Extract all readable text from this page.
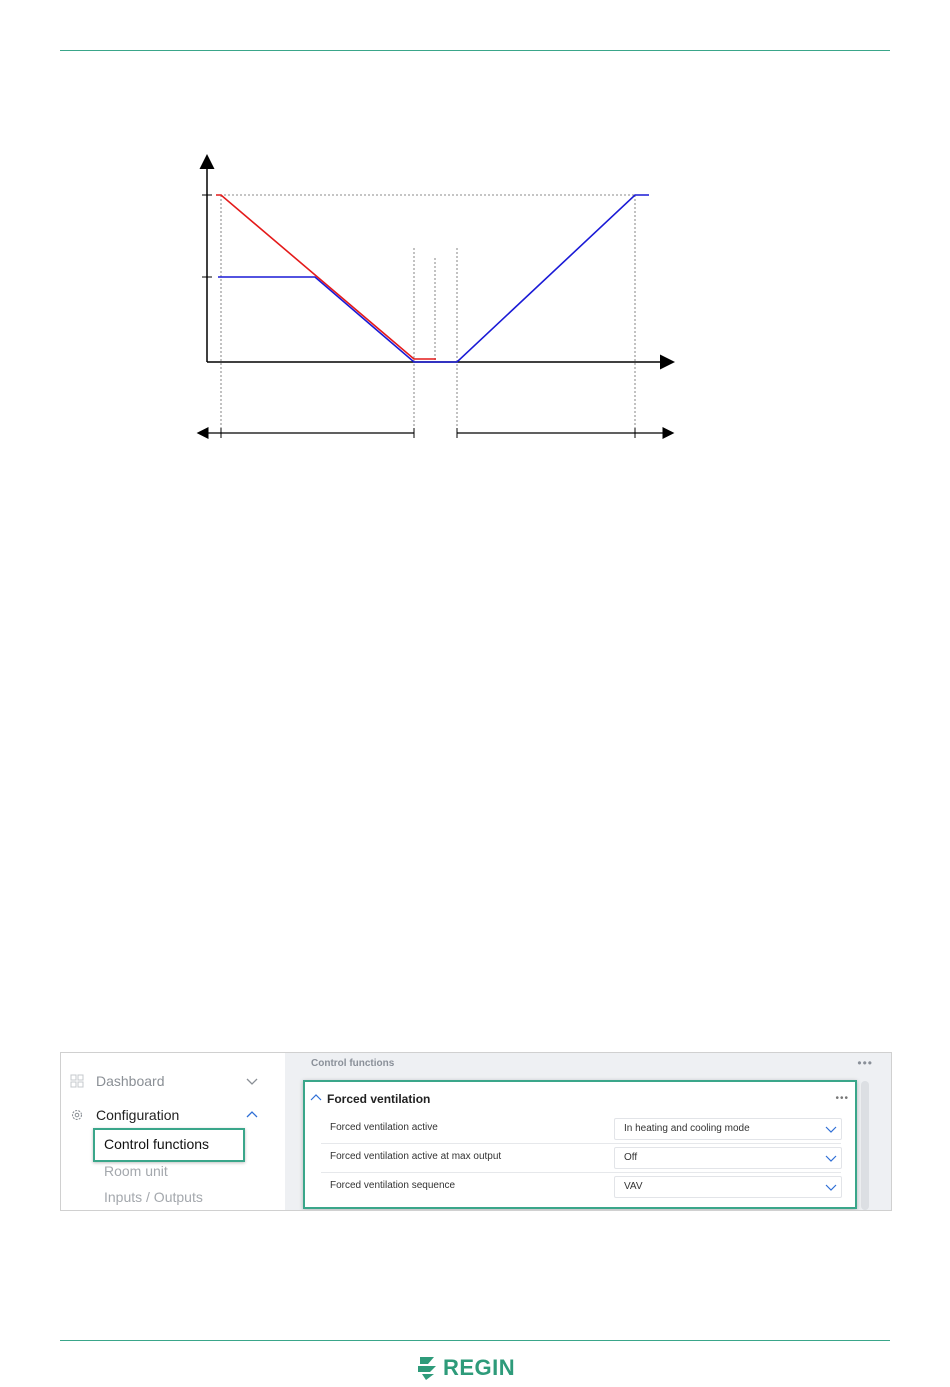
Dashboard
Configuration
Control functions
Room unit
Inputs / Outputs
Control functions	•••
Forced ventilation	•••
Forced ventilation active	In heating and cooling mode
Forced ventilation active at max output	Off
Forced ventilation sequence	VAV
REGIN
